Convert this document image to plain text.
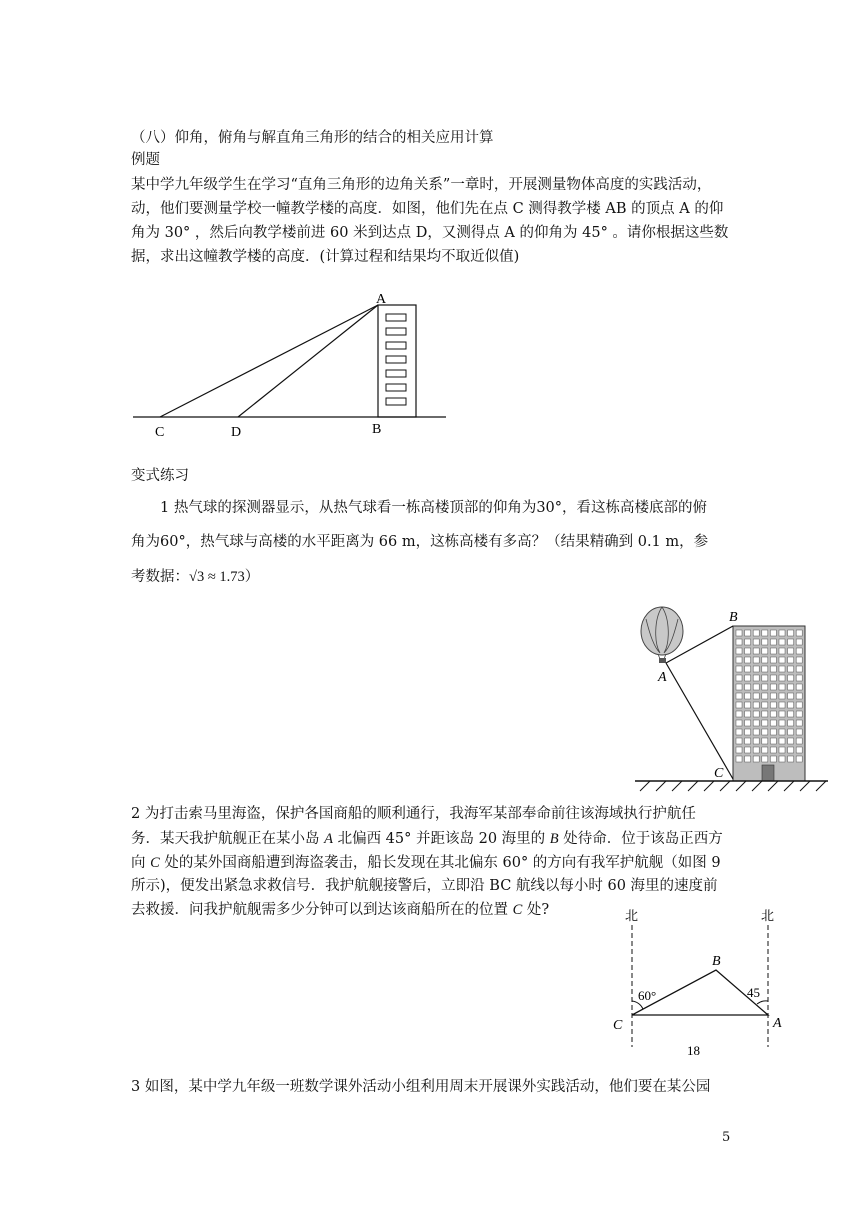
（八）仰角，俯角与解直角三角形的结合的相关应用计算
例题
某中学九年级学生在学习“直角三角形的边角关系”一章时，开展测量物体高度的实践活动，
动，他们要测量学校一幢教学楼的高度．如图，他们先在点 C 测得教学楼 AB 的顶点 A 的仰
角为 30° ，然后向教学楼前进 60 米到达点 D，又测得点 A 的仰角为 45° 。请你根据这些数
据，求出这幢教学楼的高度．(计算过程和结果均不取近似值)
A
C	D	B
变式练习
1 热气球的探测器显示，从热气球看一栋高楼顶部的仰角为30°，看这栋高楼底部的俯
角为60°，热气球与高楼的水平距离为 66 m，这栋高楼有多高？（结果精确到 0.1 m，参
考数据：√3 ≈ 1.73）
A
B
C
2 为打击索马里海盗，保护各国商船的顺利通行，我海军某部奉命前往该海域执行护航任
务．某天我护航舰正在某小岛 A 北偏西 45° 并距该岛 20 海里的 B 处待命．位于该岛正西方
向 C 处的某外国商船遭到海盗袭击，船长发现在其北偏东 60° 的方向有我军护航舰（如图 9
所示)，便发出紧急求救信号．我护航舰接警后，立即沿 BC 航线以每小时 60 海里的速度前
去救援．问我护航舰需多少分钟可以到达该商船所在的位置 C 处?	北	北
60°	45
B
C	A
18
3 如图，某中学九年级一班数学课外活动小组利用周末开展课外实践活动，他们要在某公园
5
